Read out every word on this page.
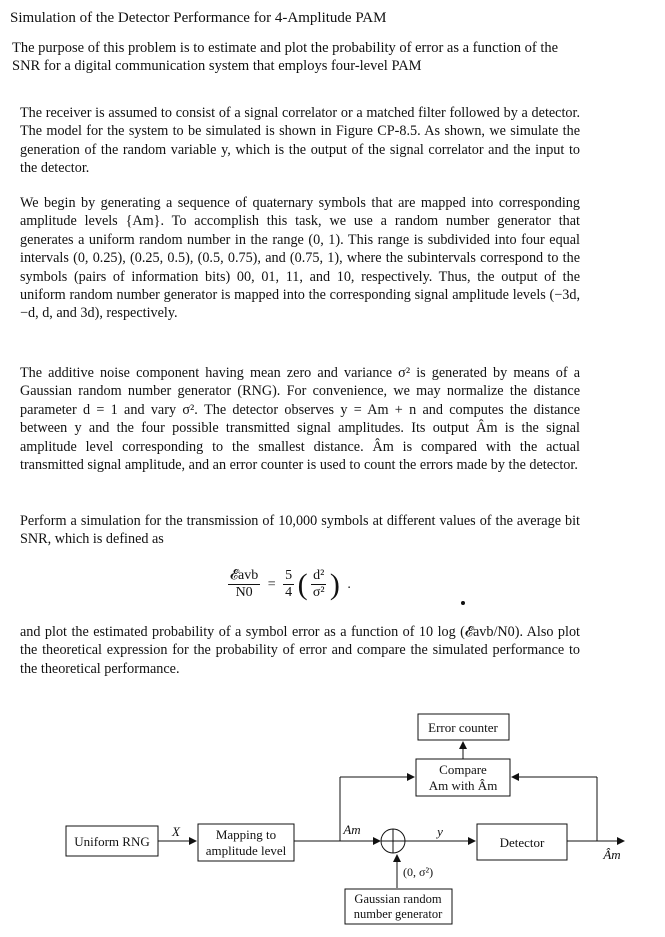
Simulation of the Detector Performance for 4-Amplitude PAM
The purpose of this problem is to estimate and plot the probability of error as a function of the SNR for a digital communication system that employs four-level PAM
The receiver is assumed to consist of a signal correlator or a matched filter followed by a detector. The model for the system to be simulated is shown in Figure CP-8.5. As shown, we simulate the generation of the random variable y, which is the output of the signal correlator and the input to the detector.
We begin by generating a sequence of quaternary symbols that are mapped into corresponding amplitude levels {Am}. To accomplish this task, we use a random number generator that generates a uniform random number in the range (0, 1). This range is subdivided into four equal intervals (0, 0.25), (0.25, 0.5), (0.5, 0.75), and (0.75, 1), where the subintervals correspond to the symbols (pairs of information bits) 00, 01, 11, and 10, respectively. Thus, the output of the uniform random number generator is mapped into the corresponding signal amplitude levels (−3d, −d, d, and 3d), respectively.
The additive noise component having mean zero and variance σ² is generated by means of a Gaussian random number generator (RNG). For convenience, we may normalize the distance parameter d = 1 and vary σ². The detector observes y = Am + n and computes the distance between y and the four possible transmitted signal amplitudes. Its output Âm is the signal amplitude level corresponding to the smallest distance. Âm is compared with the actual transmitted signal amplitude, and an error counter is used to count the errors made by the detector.
Perform a simulation for the transmission of 10,000 symbols at different values of the average bit SNR, which is defined as
$\frac{\text{𝓔avb}}{N0} = \frac{5}{4}$ ( $\frac{\text{d²}}{\text{σ²}}$ ) .
and plot the estimated probability of a symbol error as a function of 10 log (𝓔avb/N0). Also plot the theoretical expression for the probability of error and compare the simulated performance to the theoretical performance.
Uniform RNG
X	Mapping to
amplitude level
Am
(0, σ²)
Gaussian random
number generator
y
Detector
Âm
Compare
Am with Âm
Error counter
